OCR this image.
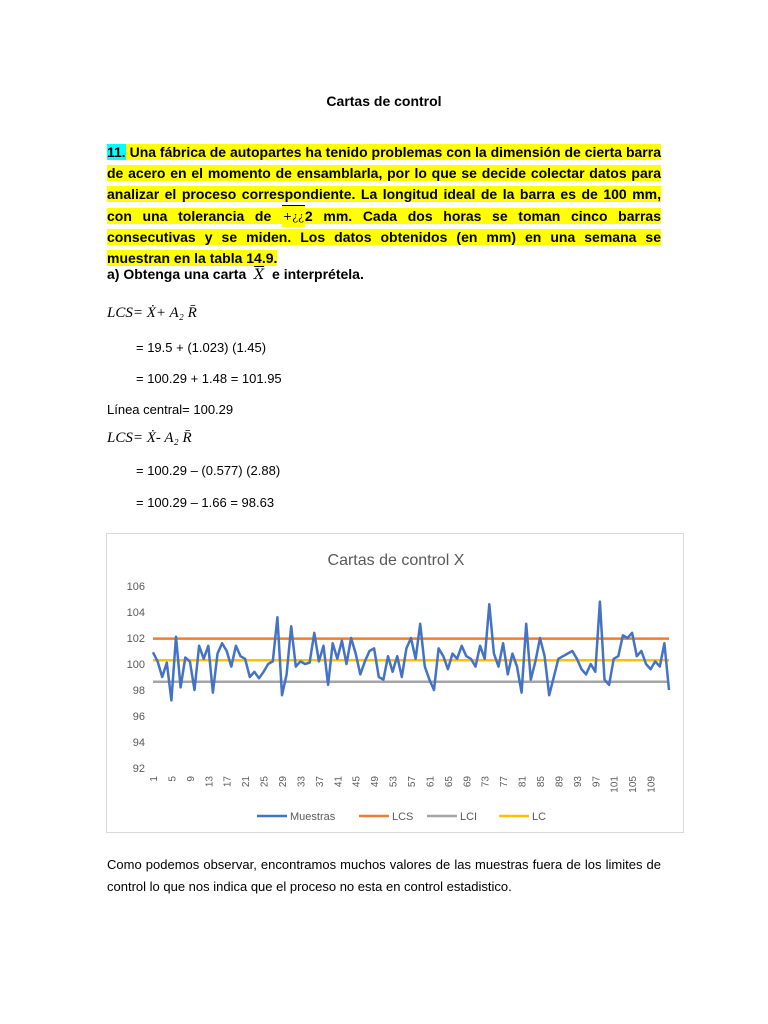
Cartas de control
11. Una fábrica de autopartes ha tenido problemas con la dimensión de cierta barra de acero en el momento de ensamblarla, por lo que se decide colectar datos para analizar el proceso correspondiente. La longitud ideal de la barra es de 100 mm, con una tolerancia de +¿¿2 mm. Cada dos horas se toman cinco barras consecutivas y se miden. Los datos obtenidos (en mm) en una semana se muestran en la tabla 14.9.
a) Obtenga una carta $\overline{X}$ e interprétela.
LCS= Ẋ+ A₂ R̄
= 19.5 + (1.023) (1.45)
= 100.29 + 1.48 = 101.95
Línea central= 100.29
LCS= Ẋ- A₂ R̄
= 100.29 – (0.577) (2.88)
= 100.29 – 1.66 = 98.63
Cartas de control X
92
94
96
98
100
102
104
106
1 5 9 13 17 21 25 29 33 37 41 45 49 53 57 61 65 69 73 77 81 85 89 93 97 101 105 109
Muestras	LCS	LCI	LC
Como podemos observar, encontramos muchos valores de las muestras fuera de los limites de control lo que nos indica que el proceso no esta en control estadistico.
